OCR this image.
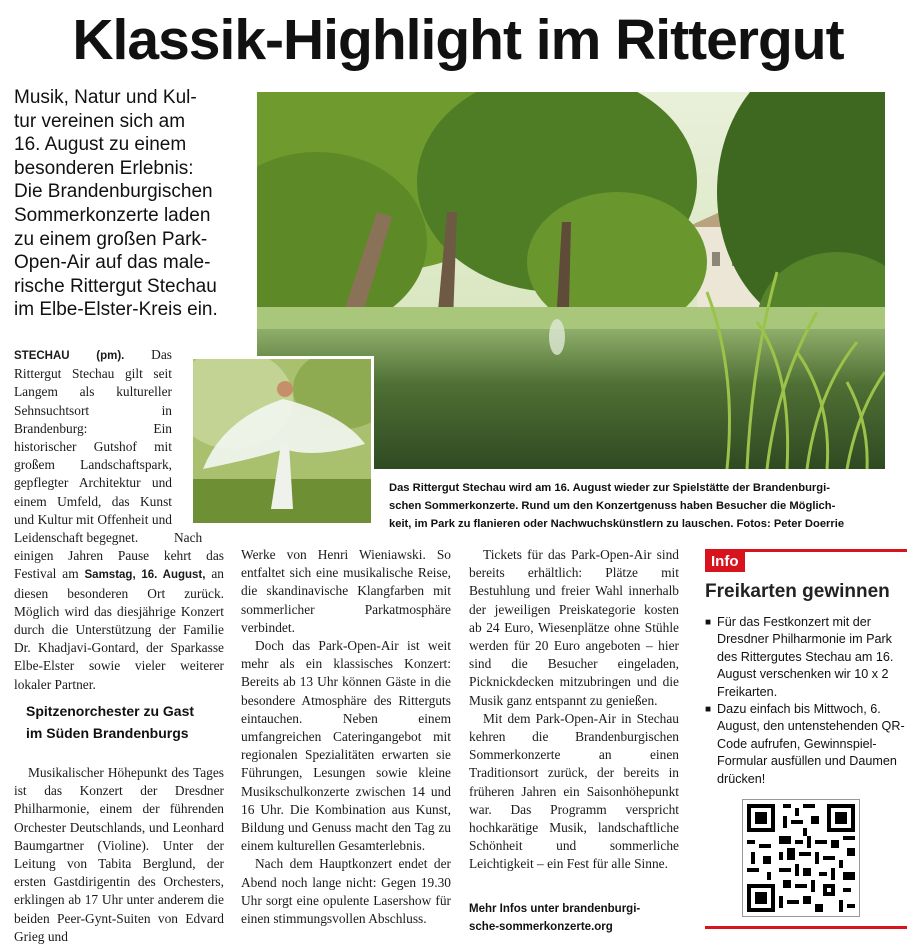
Klassik-Highlight im Rittergut
Musik, Natur und Kul-
tur vereinen sich am
16. August zu einem
besonderen Erlebnis:
Die Brandenburgischen
Sommerkonzerte laden
zu einem großen Park-
Open-Air auf das male-
rische Rittergut Stechau
im Elbe-Elster-Kreis ein.
Das Rittergut Stechau wird am 16. August wieder zur Spielstätte der Brandenburgi-
schen Sommerkonzerte. Rund um den Konzertgenuss haben Besucher die Möglich-
keit, im Park zu flanieren oder Nachwuchskünstlern zu lauschen. Fotos: Peter Doerrie

STECHAU (pm). Das Rittergut Stechau gilt seit Langem als kultureller Sehnsuchtsort in Brandenburg: Ein historischer Gutshof mit großem Landschaftspark, gepflegter Architektur und einem Umfeld, das Kunst und Kultur mit Offenheit und Leidenschaft begegnet.	Nach einigen Jahren Pause kehrt das Festival am Samstag, 16. August, an diesen besonderen Ort zurück. Möglich wird das diesjährige Konzert durch die Unterstützung der Familie Dr. Khadjavi-Gontard, der Sparkasse Elbe-Elster sowie vieler weiterer lokaler Partner.

Spitzenorchester zu Gast
im Süden Brandenburgs

Musikalischer Höhepunkt des Tages ist das Konzert der Dresdner Philharmonie, einem der führenden Orchester Deutschlands, und Leonhard Baumgartner (Violine). Unter der Leitung von Tabita Berglund, der ersten Gastdirigentin des Orchesters, erklingen ab 17 Uhr unter anderem die beiden Peer-Gynt-Suiten von Edvard Grieg und

Werke von Henri Wieniawski. So entfaltet sich eine musikalische Reise, die skandinavische Klangfarben mit sommerlicher Parkatmosphäre verbindet.

Doch das Park-Open-Air ist weit mehr als ein klassisches Konzert: Bereits ab 13 Uhr können Gäste in die besondere Atmosphäre des Ritterguts eintauchen. Neben einem umfangreichen Cateringangebot mit regionalen Spezialitäten erwarten sie Führungen, Lesungen sowie kleine Musikschulkonzerte zwischen 14 und 16 Uhr. Die Kombination aus Kunst, Bildung und Genuss macht den Tag zu einem kulturellen Gesamterlebnis.

Nach dem Hauptkonzert endet der Abend noch lange nicht: Gegen 19.30 Uhr sorgt eine opulente Lasershow für einen stimmungsvollen Abschluss.

Tickets für das Park-Open-Air sind bereits erhältlich: Plätze mit Bestuhlung und freier Wahl innerhalb der jeweiligen Preiskategorie kosten ab 24 Euro, Wiesenplätze ohne Stühle werden für 20 Euro angeboten – hier sind die Besucher eingeladen, Picknickdecken mitzubringen und die Musik ganz entspannt zu genießen.

Mit dem Park-Open-Air in Stechau kehren die Brandenburgischen Sommerkonzerte an einen Traditionsort zurück, der bereits in früheren Jahren ein Saisonhöhepunkt war. Das Programm verspricht hochkarätige Musik, landschaftliche Schönheit und sommerliche Leichtigkeit – ein Fest für alle Sinne.

Mehr Infos unter brandenburgi-
sche-sommerkonzerte.org
Info
Freikarten gewinnen
■ Für das Festkonzert mit der Dresdner Philharmonie im Park des Rittergutes Stechau am 16. August verschenken wir 10 x 2 Freikarten.
■ Dazu einfach bis Mittwoch, 6. August, den untenstehenden QR-Code aufrufen, Gewinnspiel-Formular ausfüllen und Daumen drücken!
